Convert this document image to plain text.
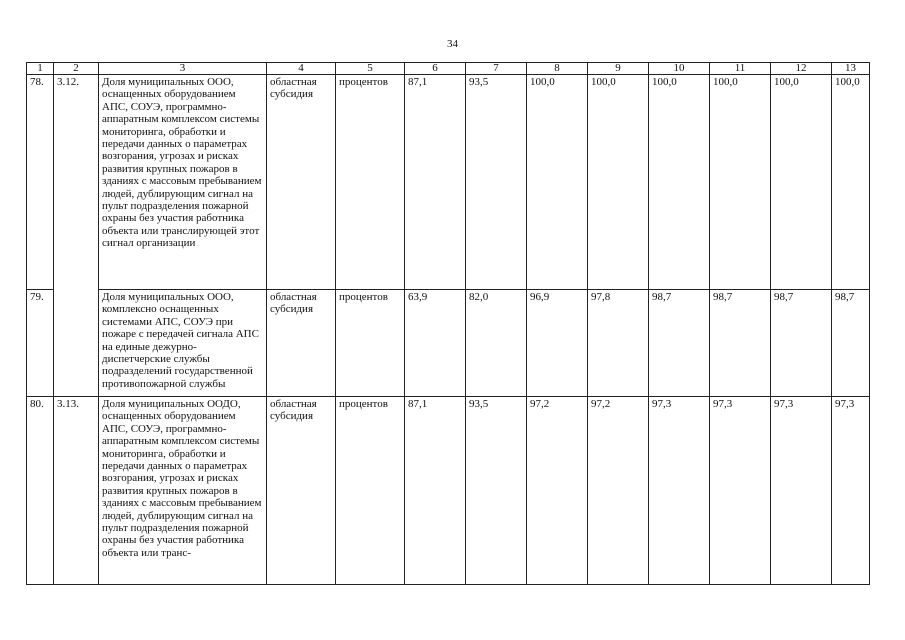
34
1	2	3	4	5	6	7	8	9	10	11	12	13
78.	3.12.	Доля муниципальных ООО, оснащенных оборудованием АПС, СОУЭ, программно-аппаратным комплексом системы мониторинга, обработки и передачи данных о параметрах возгорания, угрозах и рисках развития крупных пожаров в зданиях с массовым пребыванием людей, дублирующим сигнал на пульт подразделения пожарной охраны без участия работника объекта или транслирующей этот сигнал организации	областная субсидия	процентов	87,1	93,5	100,0	100,0	100,0	100,0	100,0	100,0
79.		Доля муниципальных ООО, комплексно оснащенных системами АПС, СОУЭ при пожаре с передачей сигнала АПС на единые дежурно-диспетчерские службы подразделений государственной противопожарной службы	областная субсидия	процентов	63,9	82,0	96,9	97,8	98,7	98,7	98,7	98,7
80.	3.13.	Доля муниципальных ООДО, оснащенных оборудованием АПС, СОУЭ, программно-аппаратным комплексом системы мониторинга, обработки и передачи данных о параметрах возгорания, угрозах и рисках развития крупных пожаров в зданиях с массовым пребыванием людей, дублирующим сигнал на пульт подразделения пожарной охраны без участия работника объекта или транс-	областная субсидия	процентов	87,1	93,5	97,2	97,2	97,3	97,3	97,3	97,3
